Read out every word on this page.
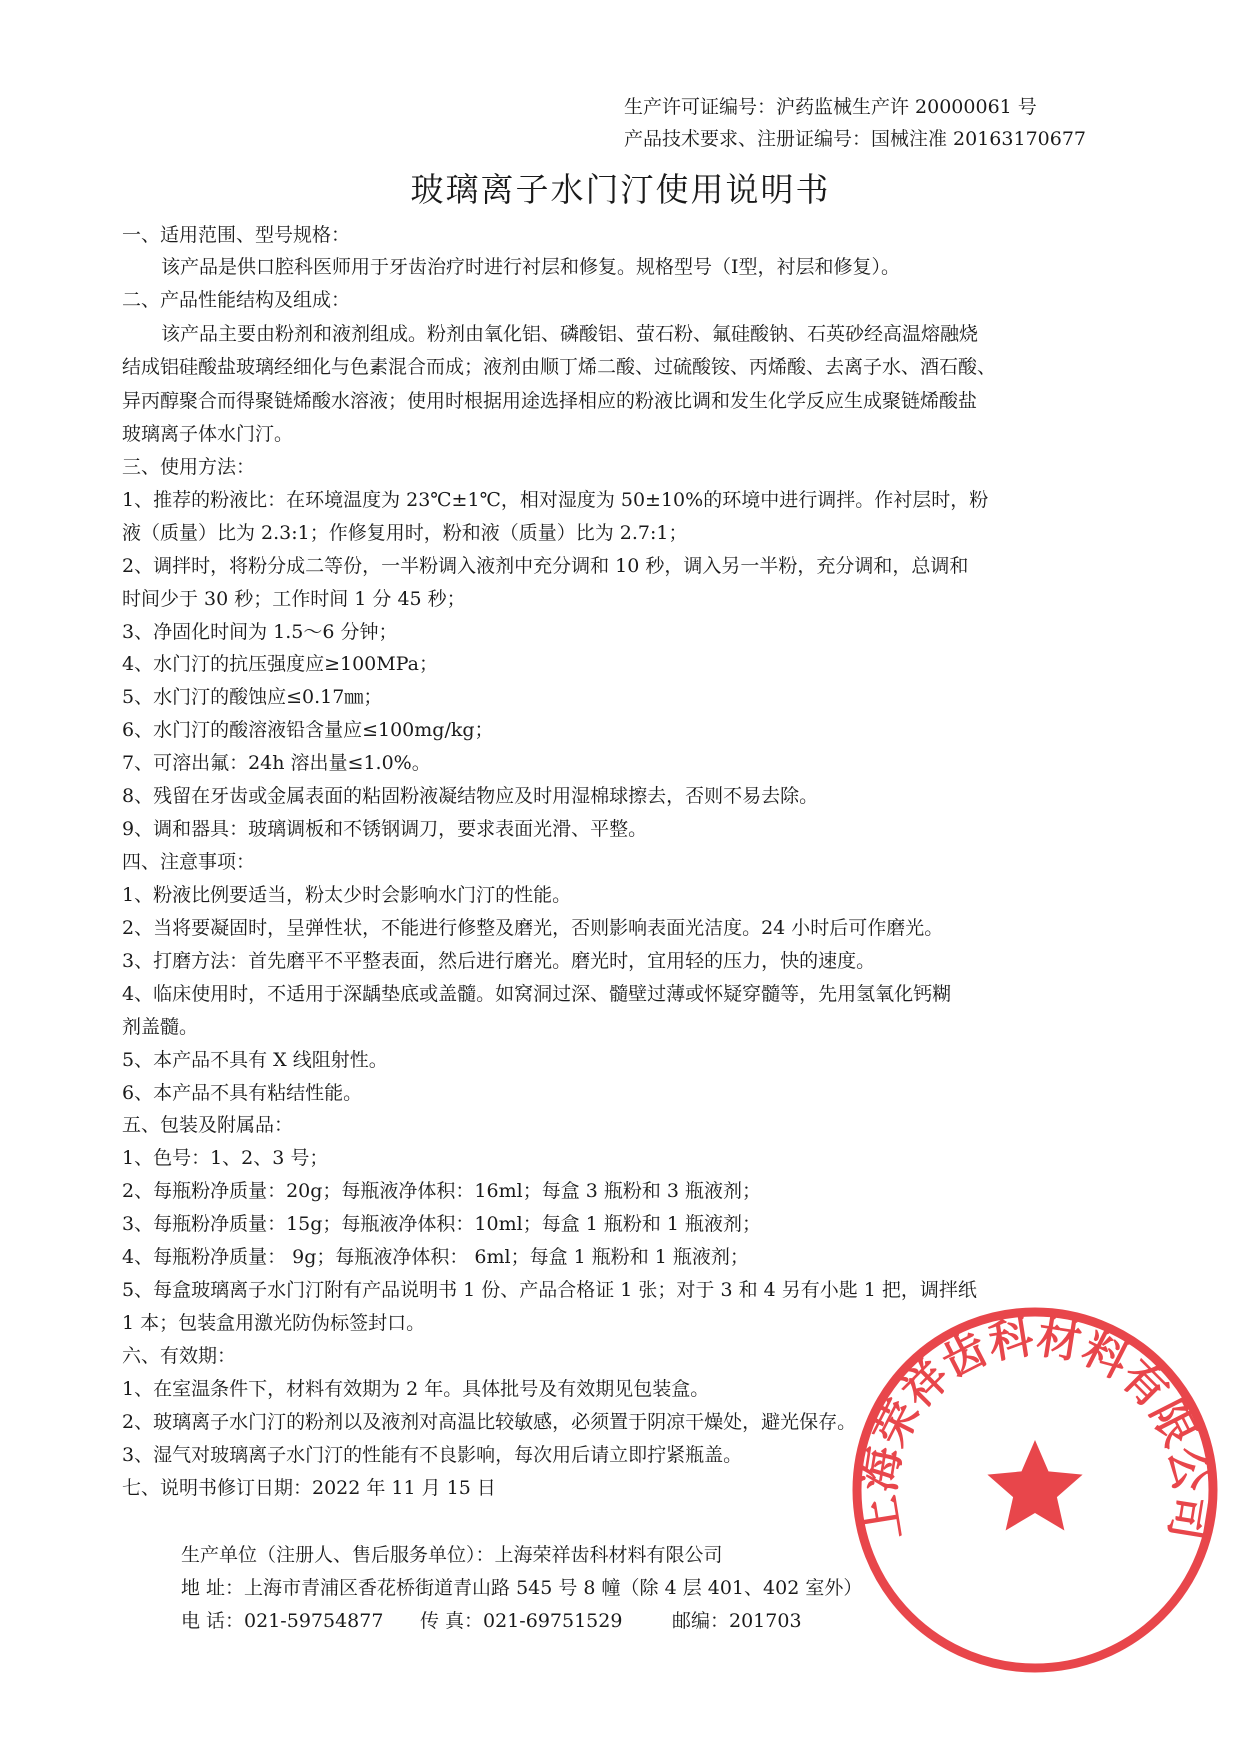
生产许可证编号：沪药监械生产许 20000061 号
产品技术要求、注册证编号：国械注准 20163170677
玻璃离子水门汀使用说明书
一、适用范围、型号规格：
该产品是供口腔科医师用于牙齿治疗时进行衬层和修复。规格型号（Ⅰ型，衬层和修复）。
二、产品性能结构及组成：
该产品主要由粉剂和液剂组成。粉剂由氧化铝、磷酸铝、萤石粉、氟硅酸钠、石英砂经高温熔融烧
结成铝硅酸盐玻璃经细化与色素混合而成；液剂由顺丁烯二酸、过硫酸铵、丙烯酸、去离子水、酒石酸、
异丙醇聚合而得聚链烯酸水溶液；使用时根据用途选择相应的粉液比调和发生化学反应生成聚链烯酸盐
玻璃离子体水门汀。
三、使用方法：
1、推荐的粉液比：在环境温度为 23℃±1℃，相对湿度为 50±10%的环境中进行调拌。作衬层时，粉
液（质量）比为 2.3:1；作修复用时，粉和液（质量）比为 2.7:1；
2、调拌时，将粉分成二等份，一半粉调入液剂中充分调和 10 秒，调入另一半粉，充分调和，总调和
时间少于 30 秒；工作时间 1 分 45 秒；
3、净固化时间为 1.5～6 分钟；
4、水门汀的抗压强度应≥100MPa；
5、水门汀的酸蚀应≤0.17㎜；
6、水门汀的酸溶液铅含量应≤100mg/kg；
7、可溶出氟：24h 溶出量≤1.0%。
8、残留在牙齿或金属表面的粘固粉液凝结物应及时用湿棉球擦去，否则不易去除。
9、调和器具：玻璃调板和不锈钢调刀，要求表面光滑、平整。
四、注意事项：
1、粉液比例要适当，粉太少时会影响水门汀的性能。
2、当将要凝固时，呈弹性状，不能进行修整及磨光，否则影响表面光洁度。24 小时后可作磨光。
3、打磨方法：首先磨平不平整表面，然后进行磨光。磨光时，宜用轻的压力，快的速度。
4、临床使用时，不适用于深龋垫底或盖髓。如窝洞过深、髓壁过薄或怀疑穿髓等，先用氢氧化钙糊
剂盖髓。
5、本产品不具有 X 线阻射性。
6、本产品不具有粘结性能。
五、包装及附属品：
1、色号：1、2、3 号；
2、每瓶粉净质量：20g；每瓶液净体积：16ml；每盒 3 瓶粉和 3 瓶液剂；
3、每瓶粉净质量：15g；每瓶液净体积：10ml；每盒 1 瓶粉和 1 瓶液剂；
4、每瓶粉净质量： 9g；每瓶液净体积： 6ml；每盒 1 瓶粉和 1 瓶液剂；
5、每盒玻璃离子水门汀附有产品说明书 1 份、产品合格证 1 张；对于 3 和 4 另有小匙 1 把，调拌纸
1 本；包装盒用激光防伪标签封口。
六、有效期：
1、在室温条件下，材料有效期为 2 年。具体批号及有效期见包装盒。
2、玻璃离子水门汀的粉剂以及液剂对高温比较敏感，必须置于阴凉干燥处，避光保存。
3、湿气对玻璃离子水门汀的性能有不良影响，每次用后请立即拧紧瓶盖。
七、说明书修订日期：2022 年 11 月 15 日
生产单位（注册人、售后服务单位）：上海荣祥齿科材料有限公司
地 址：上海市青浦区香花桥街道青山路 545 号 8 幢（除 4 层 401、402 室外）
电 话：021-59754877 传 真：021-69751529	邮编：201703
上海荣祥齿科材料有限公司
